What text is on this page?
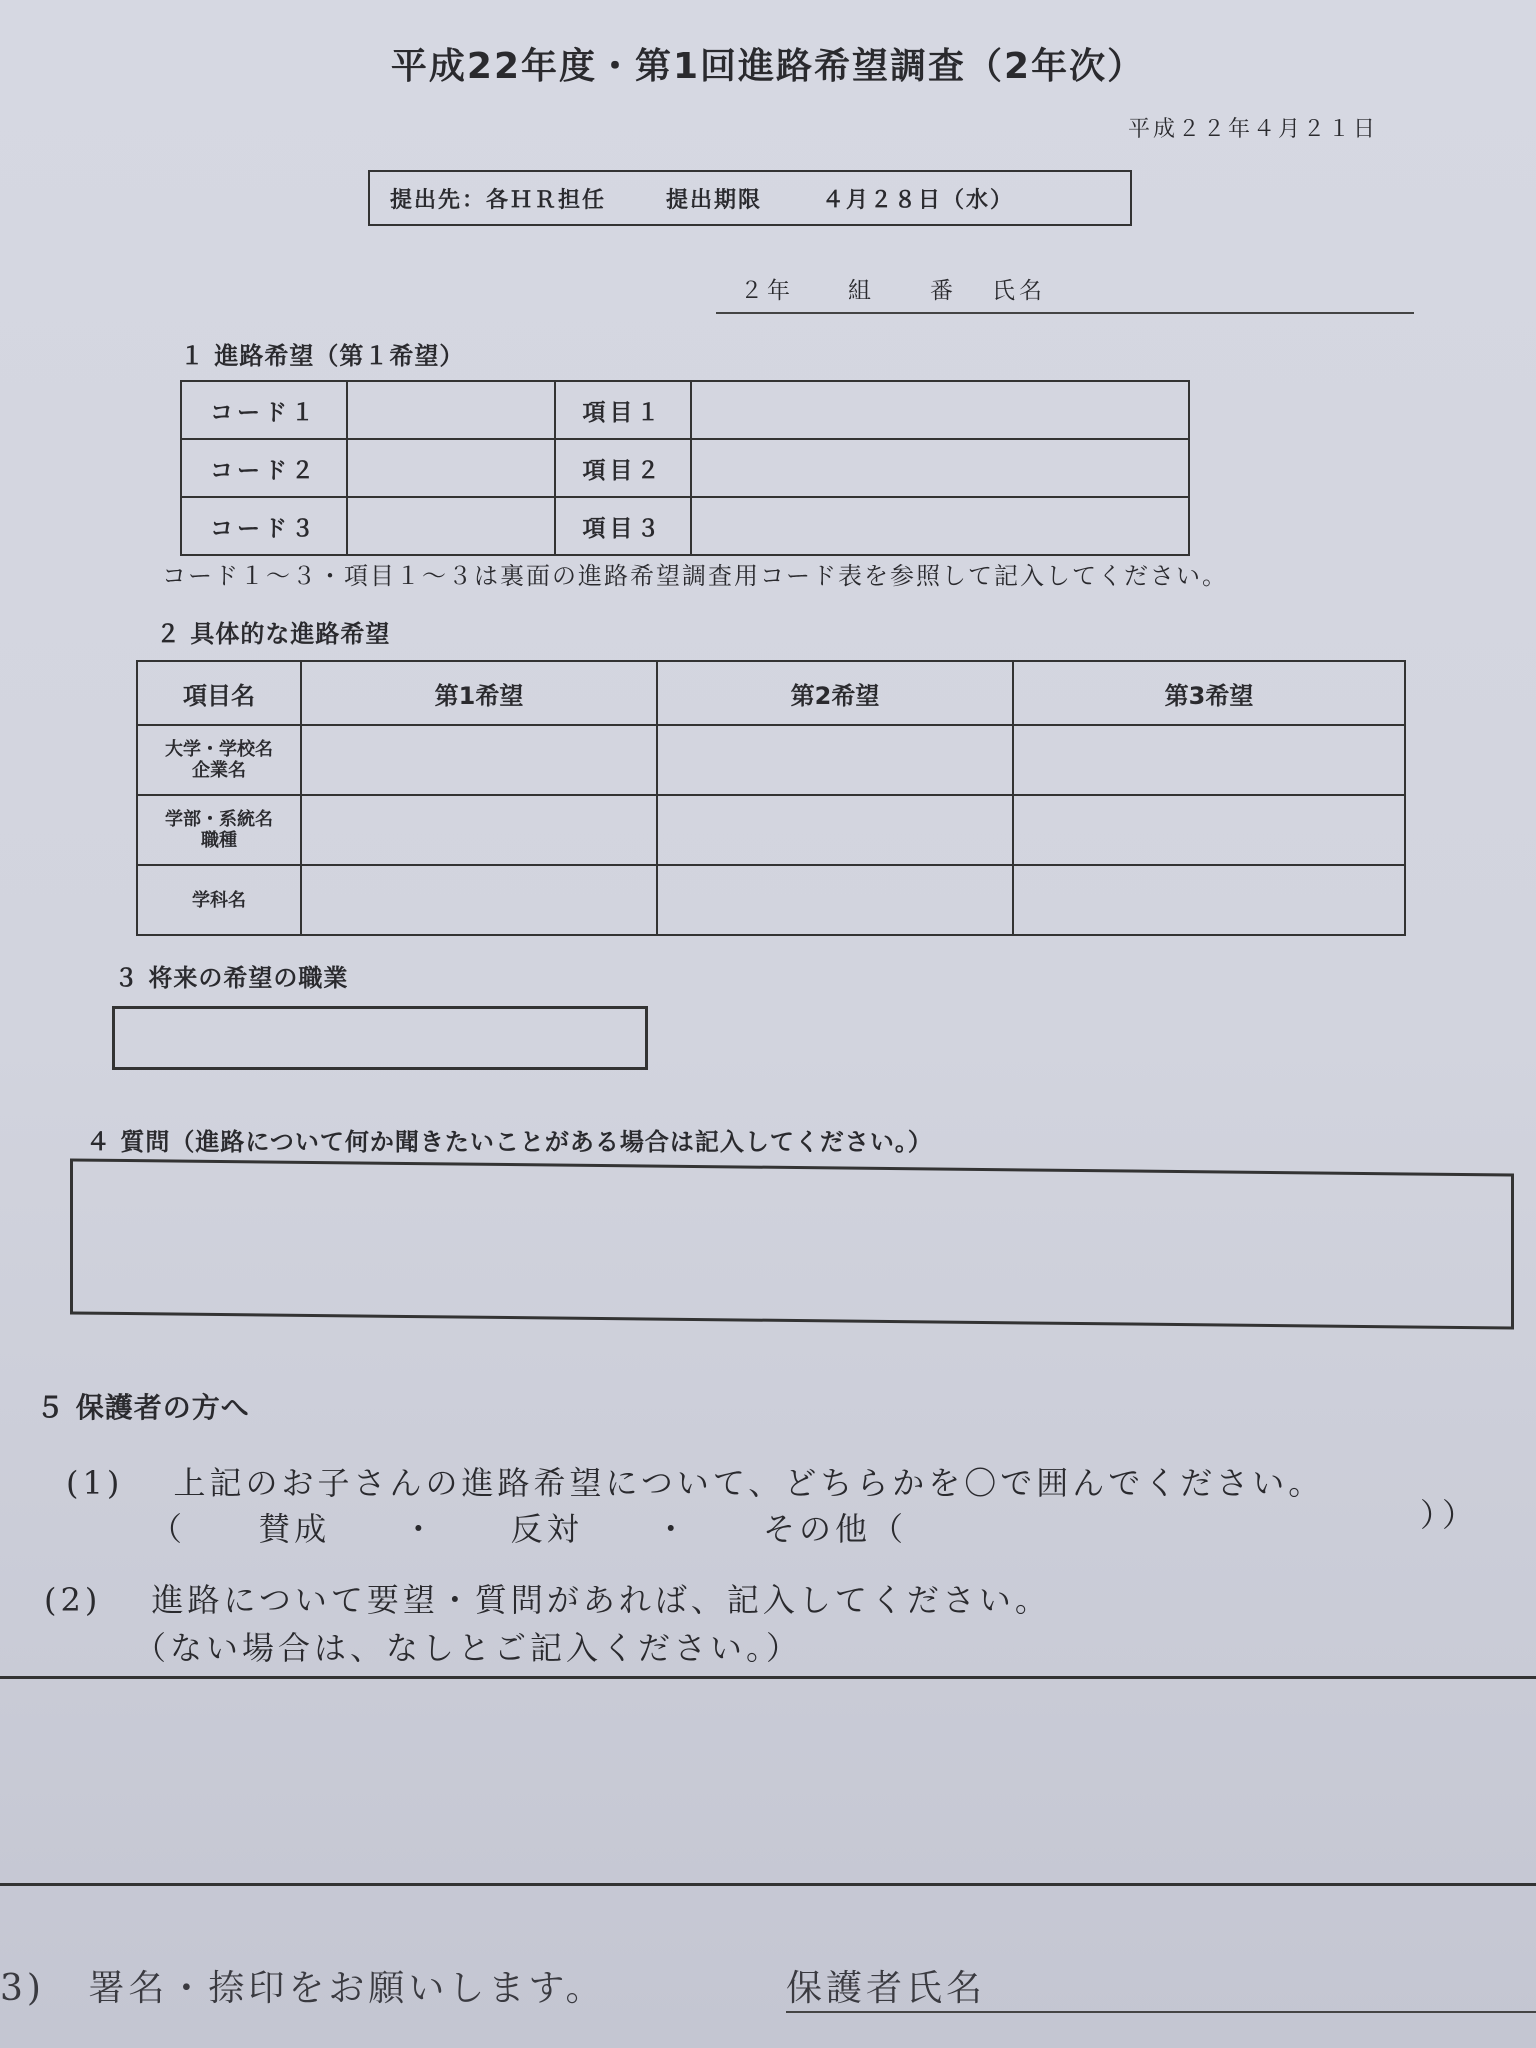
平成22年度・第1回進路希望調査（2年次）
平成２２年４月２１日
提出先：各ＨＲ担任	提出期限	４月２８日（水）
２年 組 番 氏名
１ 進路希望（第１希望）
コード１		項目１	
コード２		項目２	
コード３		項目３	
コード１～３・項目１～３は裏面の進路希望調査用コード表を参照して記入してください。
２ 具体的な進路希望
項目名	第1希望	第2希望	第3希望

大学・学校名
企業名			

学部・系統名
職種			

学科名			

３ 将来の希望の職業
４ 質問（進路について何か聞きたいことがある場合は記入してください。）
５ 保護者の方へ
(1) 上記のお子さんの進路希望について、どちらかを〇で囲んでください。
（ 賛成 ・ 反対 ・ その他（	））
(2) 進路について要望・質問があれば、記入してください。
（ない場合は、なしとご記入ください。）
3) 署名・捺印をお願いします。	保護者氏名
